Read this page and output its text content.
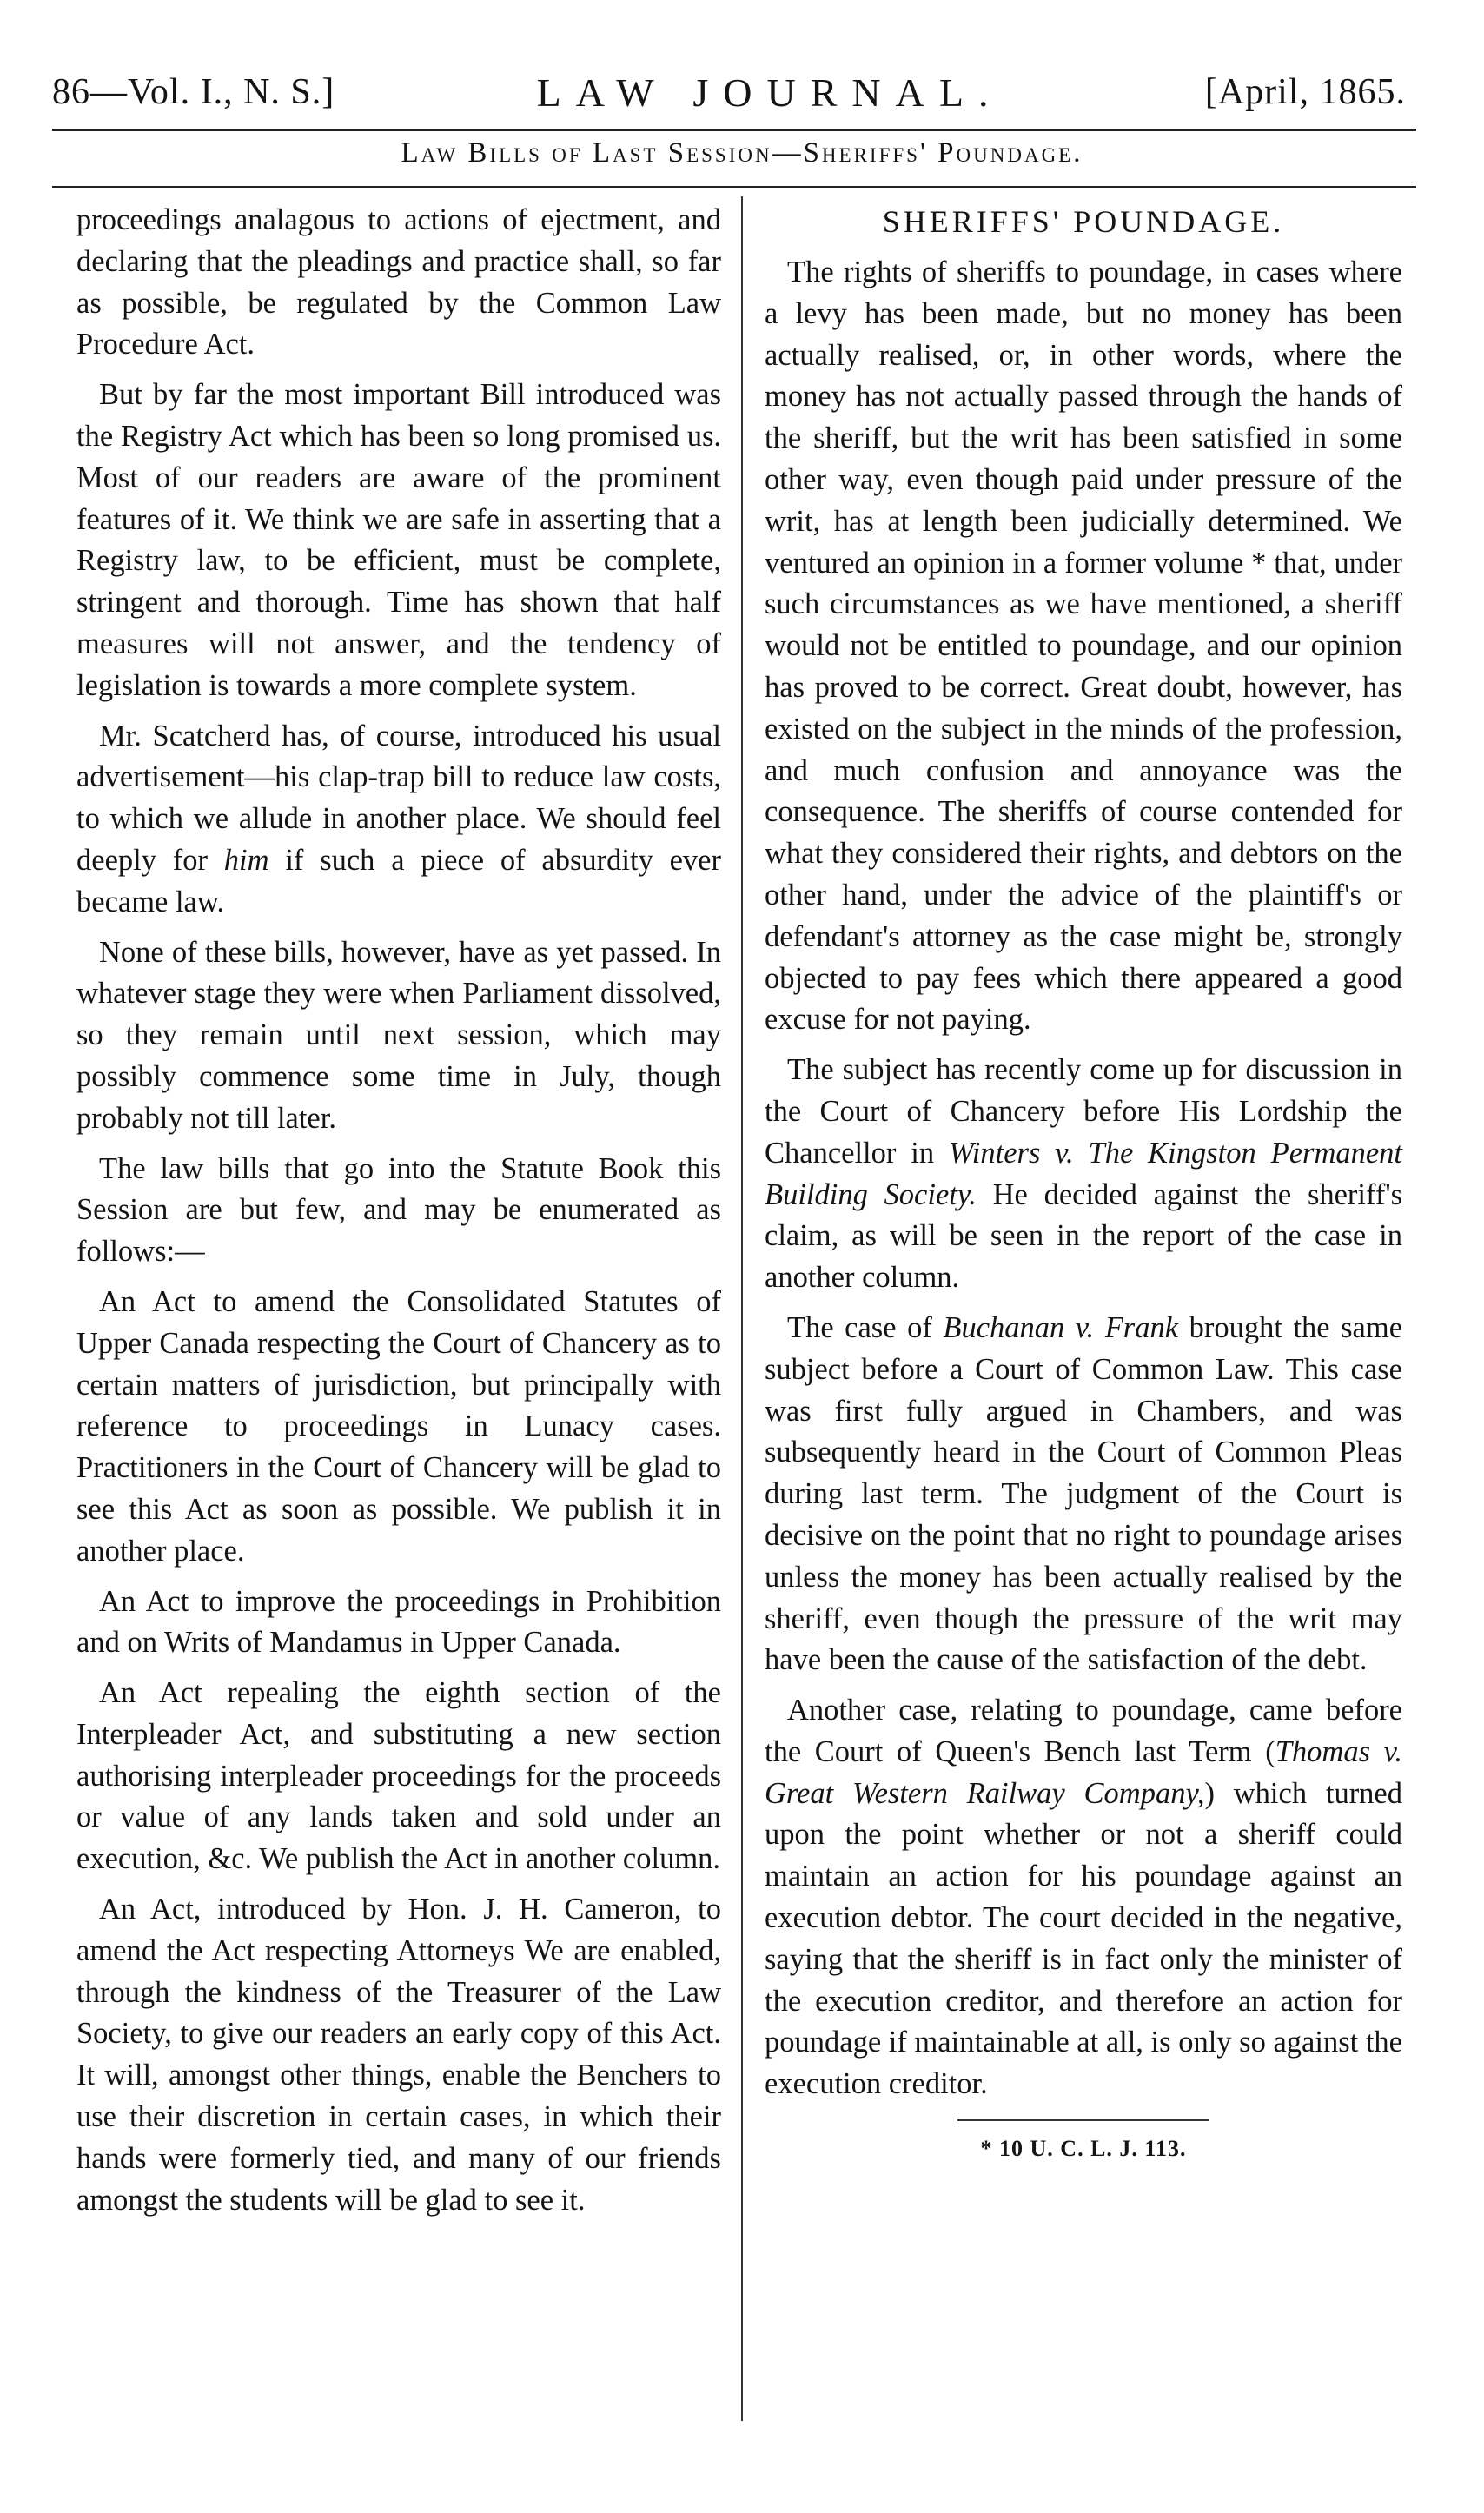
86—Vol. I., N. S.]	LAW JOURNAL.	[April, 1865.
Law Bills of Last Session—Sheriffs' Poundage.

proceedings analagous to actions of ejectment, and declaring that the pleadings and practice shall, so far as possible, be regulated by the Common Law Procedure Act.

But by far the most important Bill introduced was the Registry Act which has been so long promised us. Most of our readers are aware of the prominent features of it. We think we are safe in asserting that a Registry law, to be efficient, must be complete, stringent and thorough. Time has shown that half measures will not answer, and the tendency of legislation is towards a more complete system.

Mr. Scatcherd has, of course, introduced his usual advertisement—his clap-trap bill to reduce law costs, to which we allude in another place. We should feel deeply for him if such a piece of absurdity ever became law.

None of these bills, however, have as yet passed. In whatever stage they were when Parliament dissolved, so they remain until next session, which may possibly commence some time in July, though probably not till later.

The law bills that go into the Statute Book this Session are but few, and may be enumerated as follows:—

An Act to amend the Consolidated Statutes of Upper Canada respecting the Court of Chancery as to certain matters of jurisdiction, but principally with reference to proceedings in Lunacy cases. Practitioners in the Court of Chancery will be glad to see this Act as soon as possible. We publish it in another place.

An Act to improve the proceedings in Prohibition and on Writs of Mandamus in Upper Canada.

An Act repealing the eighth section of the Interpleader Act, and substituting a new section authorising interpleader proceedings for the proceeds or value of any lands taken and sold under an execution, &c. We publish the Act in another column.

An Act, introduced by Hon. J. H. Cameron, to amend the Act respecting Attorneys We are enabled, through the kindness of the Treasurer of the Law Society, to give our readers an early copy of this Act. It will, amongst other things, enable the Benchers to use their discretion in certain cases, in which their hands were formerly tied, and many of our friends amongst the students will be glad to see it.

SHERIFFS' POUNDAGE.

The rights of sheriffs to poundage, in cases where a levy has been made, but no money has been actually realised, or, in other words, where the money has not actually passed through the hands of the sheriff, but the writ has been satisfied in some other way, even though paid under pressure of the writ, has at length been judicially determined. We ventured an opinion in a former volume * that, under such circumstances as we have mentioned, a sheriff would not be entitled to poundage, and our opinion has proved to be correct. Great doubt, however, has existed on the subject in the minds of the profession, and much confusion and annoyance was the consequence. The sheriffs of course contended for what they considered their rights, and debtors on the other hand, under the advice of the plaintiff's or defendant's attorney as the case might be, strongly objected to pay fees which there appeared a good excuse for not paying.

The subject has recently come up for discussion in the Court of Chancery before His Lordship the Chancellor in Winters v. The Kingston Permanent Building Society. He decided against the sheriff's claim, as will be seen in the report of the case in another column.

The case of Buchanan v. Frank brought the same subject before a Court of Common Law. This case was first fully argued in Chambers, and was subsequently heard in the Court of Common Pleas during last term. The judgment of the Court is decisive on the point that no right to poundage arises unless the money has been actually realised by the sheriff, even though the pressure of the writ may have been the cause of the satisfaction of the debt.

Another case, relating to poundage, came before the Court of Queen's Bench last Term (Thomas v. Great Western Railway Company,) which turned upon the point whether or not a sheriff could maintain an action for his poundage against an execution debtor. The court decided in the negative, saying that the sheriff is in fact only the minister of the execution creditor, and therefore an action for poundage if maintainable at all, is only so against the execution creditor.

* 10 U. C. L. J. 113.
